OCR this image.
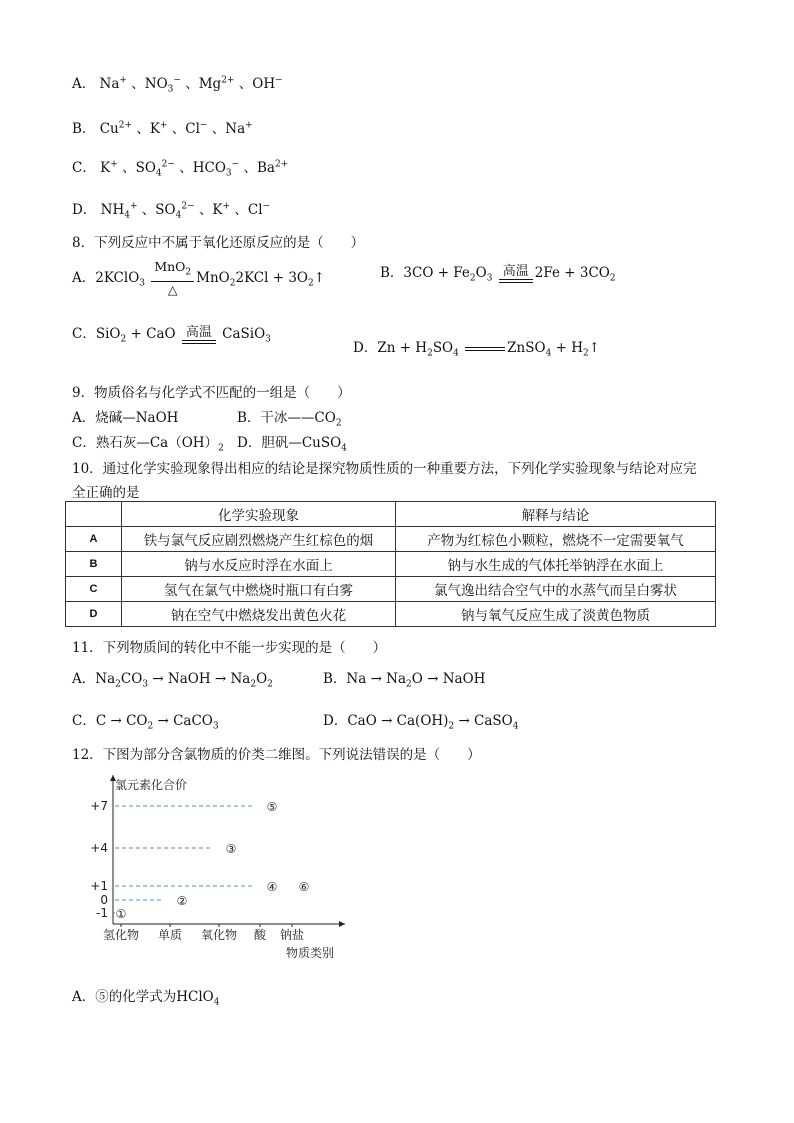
A． Na+ 、$NO_3^-$ 、$Mg^{2+}$ 、OH−
B． $Cu^{2+}$ 、K+ 、Cl− 、Na+
C． K+ 、$SO_4^{2-}$ 、$HCO_3^-$ 、$Ba^{2+}$
D． $NH_4^+$ 、$SO_4^{2-}$ 、K+ 、Cl−
8．下列反应中不属于氧化还原反应的是（　　）
A．2KClO$_3$ $\frac{MnO_2}{\triangle} MnO_22KCl$ + $3O_2↑$	B．$3CO + Fe_2O_3$ 高温 $2Fe + 3CO_2$
C．SiO$_2$ + CaO 高温 CaSiO$_3$
D．$Zn + H_2SO_4$	ZnSO$_4$ + $H_2↑$
9．物质俗名与化学式不匹配的一组是（　　）
A．烧碱—NaOH	B．干冰$——CO_2$
C．熟石灰$—Ca(OH)_2$ D．胆矾—CuSO$_4$
10．通过化学实验现象得出相应的结论是探究物质性质的一种重要方法，下列化学实验现象与结论对应完
全正确的是
	化学实验现象	解释与结论
A	铁与氯气反应剧烈燃烧产生红棕色的烟	产物为红棕色小颗粒，燃烧不一定需要氧气
B	钠与水反应时浮在水面上	钠与水生成的气体托举钠浮在水面上
C	氢气在氯气中燃烧时瓶口有白雾	氯气逸出结合空气中的水蒸气而呈白雾状
D	钠在空气中燃烧发出黄色火花	钠与氧气反应生成了淡黄色物质
11．下列物质间的转化中不能一步实现的是（　　）
A．$Na_2CO_3$ → NaOH → $Na_2O_2$	B．$Na \to Na_2O$ → NaOH
C．$C \to CO_2$ → CaCO$_3$	D．CaO → $Ca(OH)_2$ → CaSO$_4$
12．下图为部分含氯物质的价类二维图。下列说法错误的是（　　）
氯元素化合价
物质类别
+7
+4
+1
0
-1
氢化物 单质 氧化物 酸 钠盐
①
②
③
④
⑤
⑥
A．⑤的化学式为HClO$_4$
